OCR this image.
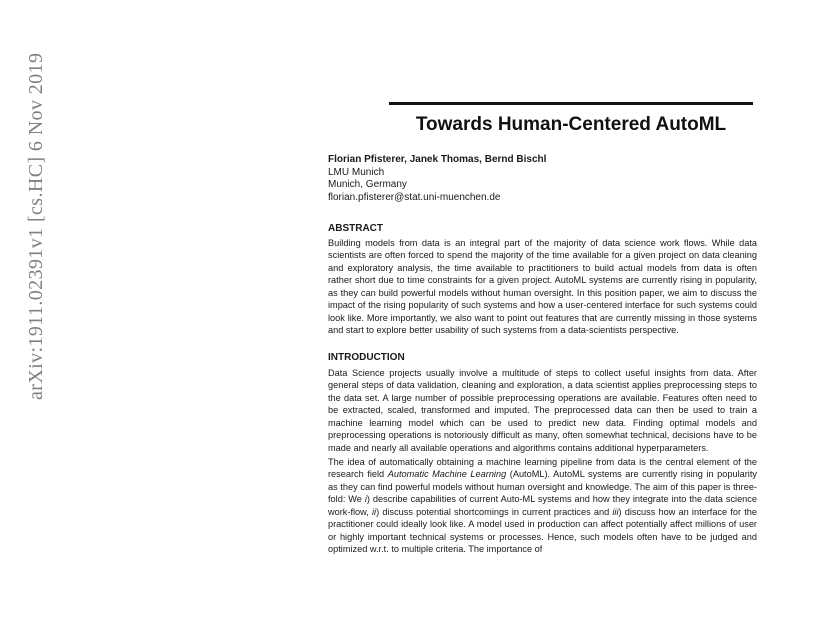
arXiv:1911.02391v1 [cs.HC] 6 Nov 2019	Towards Human-Centered AutoML
Florian Pfisterer, Janek Thomas, Bernd Bischl
LMU Munich
Munich, Germany
florian.pfisterer@stat.uni-muenchen.de
ABSTRACT

Building models from data is an integral part of the majority of data science work flows. While data scientists are often forced to spend the majority of the time available for a given project on data cleaning and exploratory analysis, the time available to practitioners to build actual models from data is often rather short due to time constraints for a given project. AutoML systems are currently rising in popularity, as they can build powerful models without human oversight. In this position paper, we aim to discuss the impact of the rising popularity of such systems and how a user-centered interface for such systems could look like. More importantly, we also want to point out features that are currently missing in those systems and start to explore better usability of such systems from a data-scientists perspective.

INTRODUCTION

Data Science projects usually involve a multitude of steps to collect useful insights from data. After general steps of data validation, cleaning and exploration, a data scientist applies preprocessing steps to the data set. A large number of possible preprocessing operations are available. Features often need to be extracted, scaled, transformed and imputed. The preprocessed data can then be used to train a machine learning model which can be used to predict new data. Finding optimal models and preprocessing operations is notoriously difficult as many, often somewhat technical, decisions have to be made and nearly all available operations and algorithms contains additional hyperparameters.

The idea of automatically obtaining a machine learning pipeline from data is the central element of the research field Automatic Machine Learning (AutoML). AutoML systems are currently rising in popularity as they can find powerful models without human oversight and knowledge. The aim of this paper is three-fold: We i) describe capabilities of current Auto-ML systems and how they integrate into the data science work-flow, ii) discuss potential shortcomings in current practices and iii) discuss how an interface for the practitioner could ideally look like. A model used in production can affect potentially affect millions of user or highly important technical systems or processes. Hence, such models often have to be judged and optimized w.r.t. to multiple criteria. The importance of
